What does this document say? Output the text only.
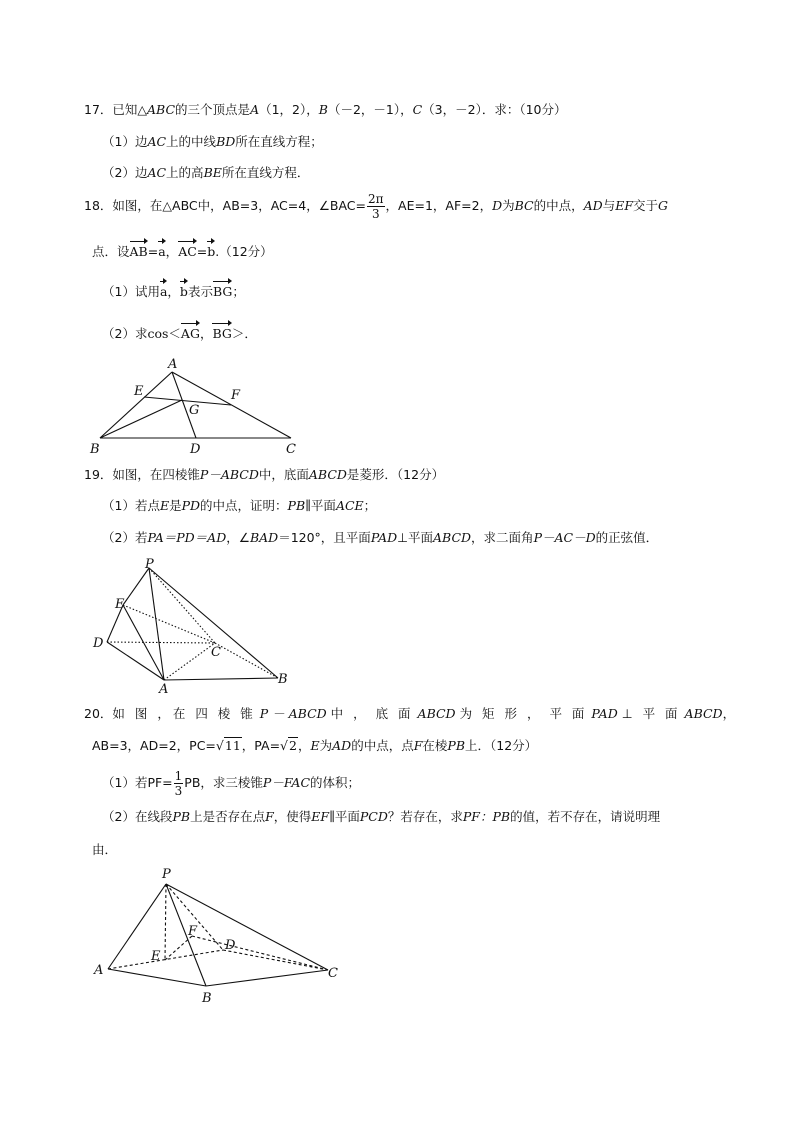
17．已知△ABC的三个顶点是A（1，2），B（－2，－1），C（3，－2）．求：（10分）
（1）边AC上的中线BD所在直线方程；
（2）边AC上的高BE所在直线方程．
18．如图，在△ABC中，AB=3，AC=4，∠BAC= $\frac{2\pi}{3}$ ，AE=1，AF=2，D为BC的中点，AD与EF交于G
点．设AB=a，AC=b.（12分）
（1）试用a，b表示BG；
（2）求cos＜AG，BG＞．
A
B	C
D
E	F
G
19．如图，在四棱锥P－ABCD中，底面ABCD是菱形．（12分）
（1）若点E是PD的中点，证明：PB∥平面ACE；
（2）若PA＝PD＝AD，∠BAD＝120°，且平面PAD⊥平面ABCD，求二面角P－AC－D的正弦值．
P
E
D
C
A
B
20．如 图 ，在 四 棱 锥 P － ABCD 中 ， 底 面 ABCD 为 矩 形 ， 平 面 PAD ⊥ 平 面 ABCD，
AB=3，AD=2，PC=√11，PA=√2，E为AD的中点，点F在棱PB上．（12分）
（1）若$PF= \frac{1}{3}$ PB，求三棱锥P－FAC的体积；
（2）在线段PB上是否存在点F，使得EF∥平面PCD？若存在，求PF：PB的值，若不存在，请说明理
由．
P
F
D
E
A	C
B
